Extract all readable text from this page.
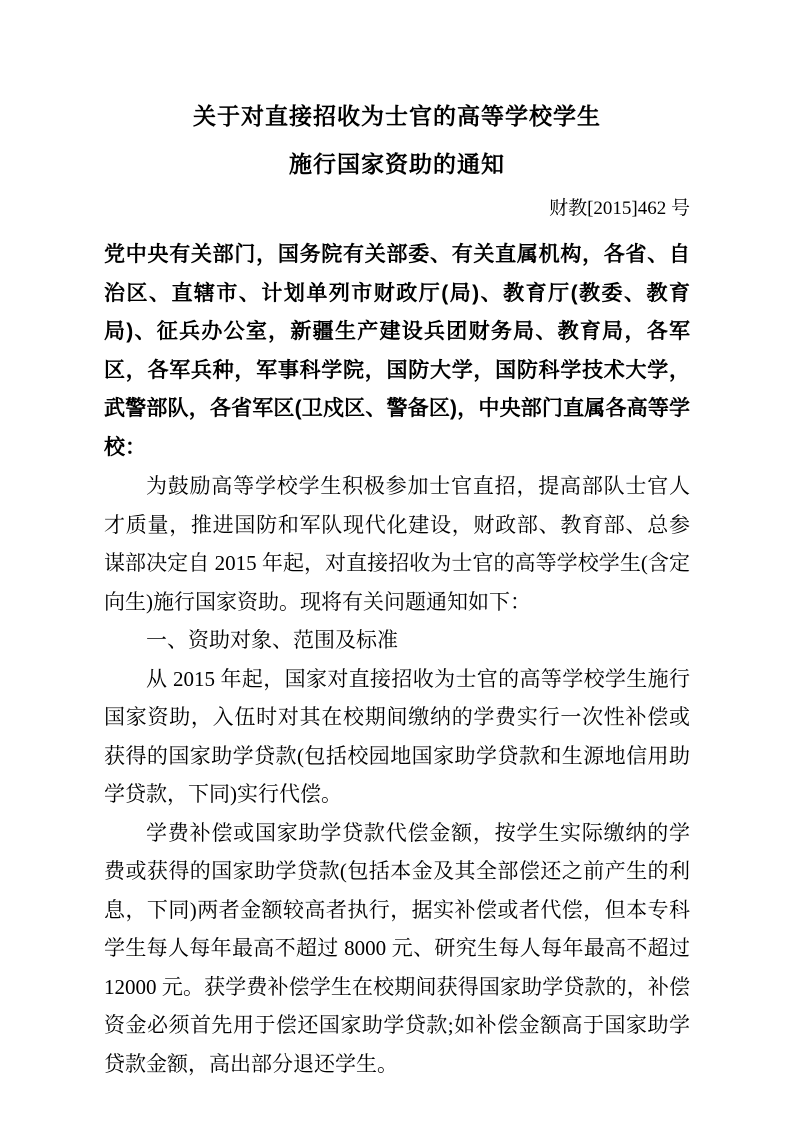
关于对直接招收为士官的高等学校学生
施行国家资助的通知
财教[2015]462 号

党中央有关部门，国务院有关部委、有关直属机构，各省、自治区、直辖市、计划单列市财政厅(局)、教育厅(教委、教育局)、征兵办公室，新疆生产建设兵团财务局、教育局，各军区，各军兵种，军事科学院，国防大学，国防科学技术大学，武警部队，各省军区(卫戍区、警备区)，中央部门直属各高等学校：

为鼓励高等学校学生积极参加士官直招，提高部队士官人才质量，推进国防和军队现代化建设，财政部、教育部、总参谋部决定自 2015 年起，对直接招收为士官的高等学校学生(含定向生)施行国家资助。现将有关问题通知如下：

一、资助对象、范围及标准

从 2015 年起，国家对直接招收为士官的高等学校学生施行国家资助，入伍时对其在校期间缴纳的学费实行一次性补偿或获得的国家助学贷款(包括校园地国家助学贷款和生源地信用助学贷款，下同)实行代偿。

学费补偿或国家助学贷款代偿金额，按学生实际缴纳的学费或获得的国家助学贷款(包括本金及其全部偿还之前产生的利息，下同)两者金额较高者执行，据实补偿或者代偿，但本专科学生每人每年最高不超过 8000 元、研究生每人每年最高不超过 12000 元。获学费补偿学生在校期间获得国家助学贷款的，补偿资金必须首先用于偿还国家助学贷款;如补偿金额高于国家助学贷款金额，高出部分退还学生。
